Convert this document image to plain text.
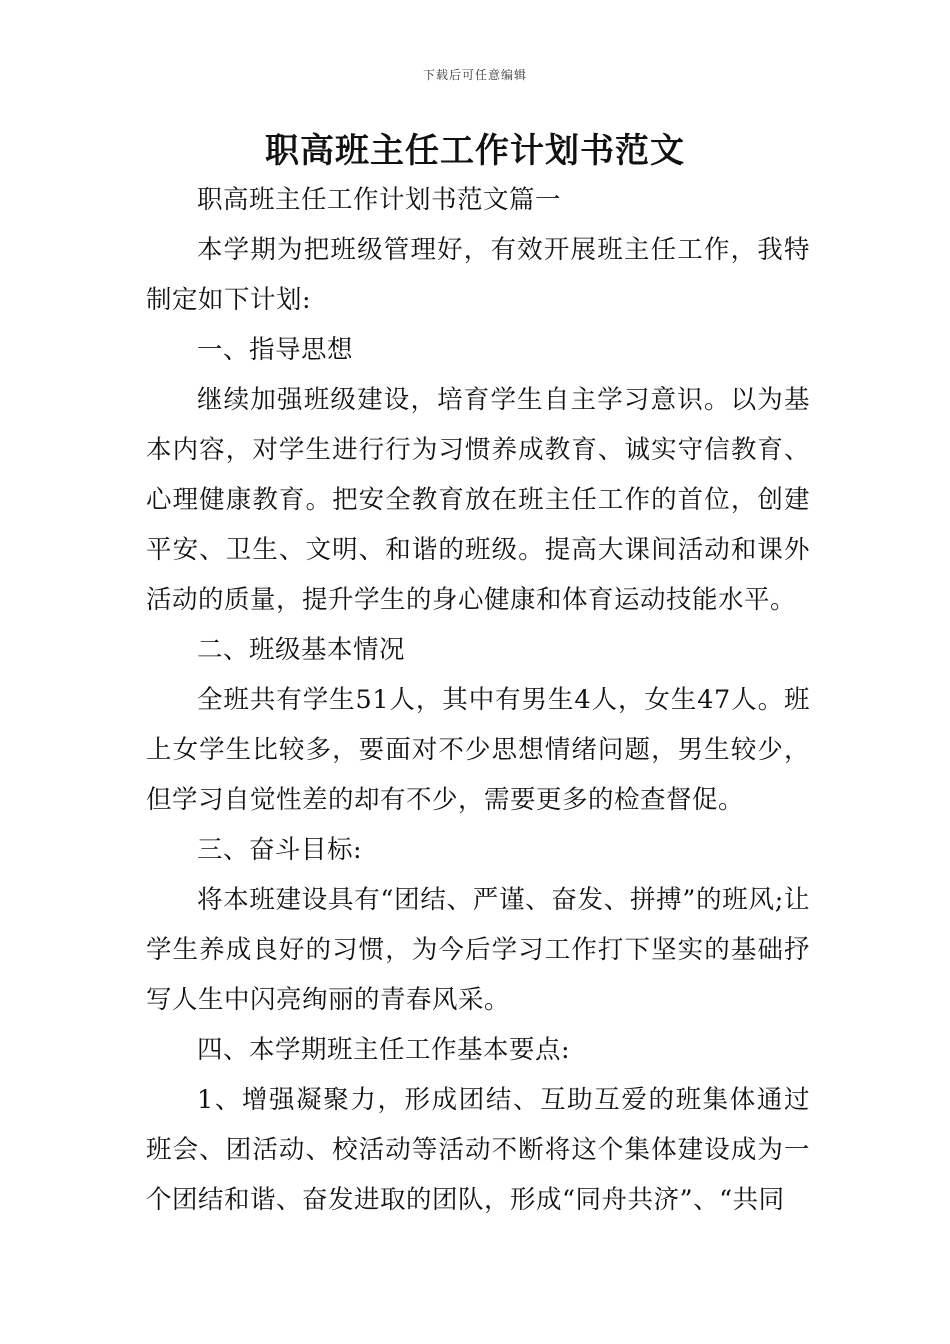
下载后可任意编辑
职高班主任工作计划书范文

职高班主任工作计划书范文篇一

本学期为把班级管理好，有效开展班主任工作，我特制定如下计划:

一、指导思想

继续加强班级建设，培育学生自主学习意识。以为基本内容，对学生进行行为习惯养成教育、诚实守信教育、心理健康教育。把安全教育放在班主任工作的首位，创建平安、卫生、文明、和谐的班级。提高大课间活动和课外活动的质量，提升学生的身心健康和体育运动技能水平。

二、班级基本情况

全班共有学生51人，其中有男生4人，女生47人。班上女学生比较多，要面对不少思想情绪问题，男生较少，但学习自觉性差的却有不少，需要更多的检查督促。

三、奋斗目标:

将本班建设具有“团结、严谨、奋发、拼搏”的班风;让学生养成良好的习惯，为今后学习工作打下坚实的基础抒写人生中闪亮绚丽的青春风采。

四、本学期班主任工作基本要点:

1、增强凝聚力，形成团结、互助互爱的班集体通过班会、团活动、校活动等活动不断将这个集体建设成为一个团结和谐、奋发进取的团队，形成“同舟共济”、“共同
